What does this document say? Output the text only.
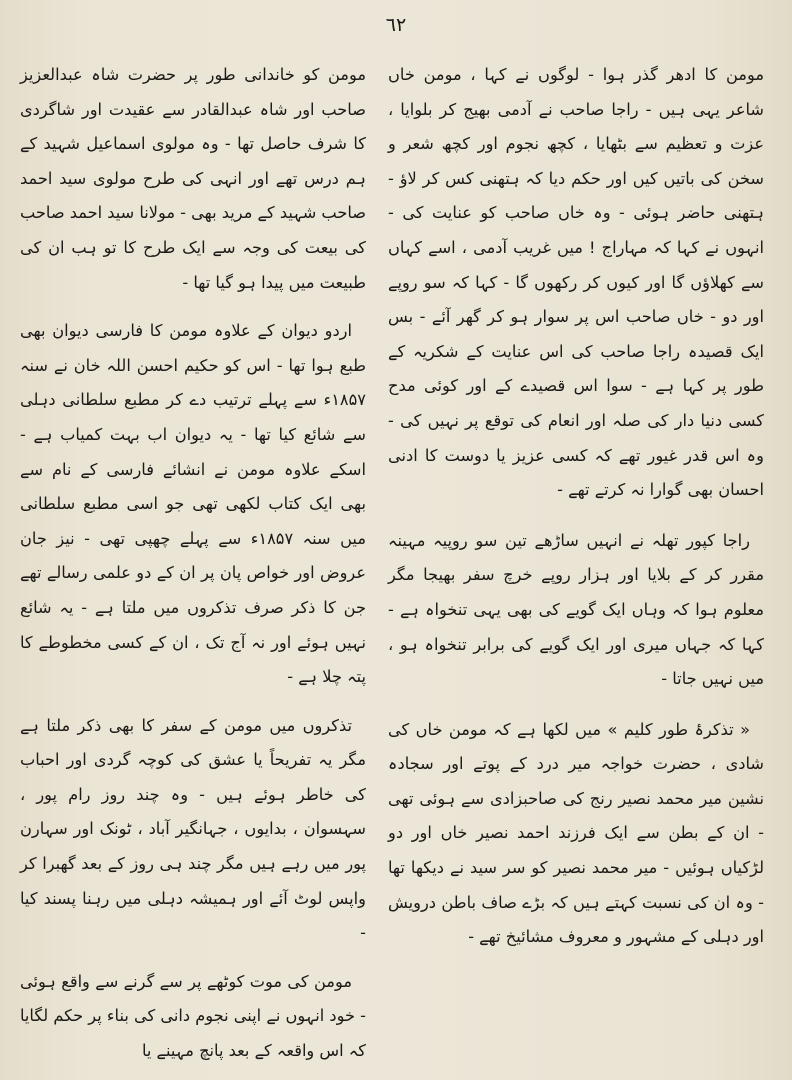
٦٢

مومن کا ادھر گذر ہوا - لوگوں نے کہا ، مومن خاں شاعر یہی ہیں - راجا صاحب نے آدمی بھیج کر بلوایا ، عزت و تعظیم سے بٹھایا ، کچھ نجوم اور کچھ شعر و سخن کی باتیں کیں اور حکم دیا کہ ہتھنی کس کر لاؤ - ہتھنی حاضر ہوئی - وہ خاں صاحب کو عنایت کی - انہوں نے کہا کہ مہاراج ! میں غریب آدمی ، اسے کہاں سے کھلاؤں گا اور کیوں کر رکھوں گا - کہا کہ سو روپے اور دو - خاں صاحب اس پر سوار ہو کر گھر آئے - بس ایک قصیدہ راجا صاحب کی اس عنایت کے شکریہ کے طور پر کہا ہے - سوا اس قصیدے کے اور کوئی مدح کسی دنیا دار کی صلہ اور انعام کی توقع پر نہیں کی - وہ اس قدر غیور تھے کہ کسی عزیز یا دوست کا ادنی احسان بھی گوارا نہ کرتے تھے -

راجا کپور تھلہ نے انہیں ساڑھے تین سو روپیہ مہینہ مقرر کر کے بلایا اور ہزار روپے خرچ سفر بھیجا مگر معلوم ہوا کہ وہاں ایک گویے کی بھی یہی تنخواہ ہے - کہا کہ جہاں میری اور ایک گویے کی برابر تنخواہ ہو ، میں نہیں جاتا -

« تذکرۂ طور کلیم » میں لکھا ہے کہ مومن خاں کی شادی ، حضرت خواجہ میر درد کے پوتے اور سجادہ نشین میر محمد نصیر رنج کی صاحبزادی سے ہوئی تھی - ان کے بطن سے ایک فرزند احمد نصیر خاں اور دو لڑکیاں ہوئیں - میر محمد نصیر کو سر سید نے دیکھا تھا - وہ ان کی نسبت کہتے ہیں کہ بڑے صاف باطن درویش اور دہلی کے مشہور و معروف مشائیخ تھے -

مومن کو خاندانی طور پر حضرت شاہ عبدالعزیز صاحب اور شاہ عبدالقادر سے عقیدت اور شاگردی کا شرف حاصل تھا - وہ مولوی اسماعیل شہید کے ہم درس تھے اور انہی کی طرح مولوی سید احمد صاحب شہید کے مرید بھی - مولانا سید احمد صاحب کی بیعت کی وجہ سے ایک طرح کا تو ہب ان کی طبیعت میں پیدا ہو گیا تھا -

اردو دیوان کے علاوہ مومن کا فارسی دیوان بھی طبع ہوا تھا - اس کو حکیم احسن اللہ خان نے سنہ ۱۸۵۷ء سے پہلے ترتیب دے کر مطبع سلطانی دہلی سے شائع کیا تھا - یہ دیوان اب بہت کمیاب ہے - اسکے علاوہ مومن نے انشائے فارسی کے نام سے بھی ایک کتاب لکھی تھی جو اسی مطبع سلطانی میں سنہ ۱۸۵۷ء سے پہلے چھپی تھی - نیز جان عروض اور خواص پان پر ان کے دو علمی رسالے تھے جن کا ذکر صرف تذکروں میں ملتا ہے - یہ شائع نہیں ہوئے اور نہ آج تک ، ان کے کسی مخطوطے کا پتہ چلا ہے -

تذکروں میں مومن کے سفر کا بھی ذکر ملتا ہے مگر یہ تفریحاً یا عشق کی کوچہ گردی اور احباب کی خاطر ہوئے ہیں - وہ چند روز رام پور ، سہسوان ، بدایوں ، جہانگیر آباد ، ٹونک اور سہارن پور میں رہے ہیں مگر چند ہی روز کے بعد گھبرا کر واپس لوٹ آئے اور ہمیشہ دہلی میں رہنا پسند کیا -

مومن کی موت کوٹھے پر سے گرنے سے واقع ہوئی - خود انہوں نے اپنی نجوم دانی کی بناء پر حکم لگایا کہ اس واقعہ کے بعد پانچ مہینے یا
